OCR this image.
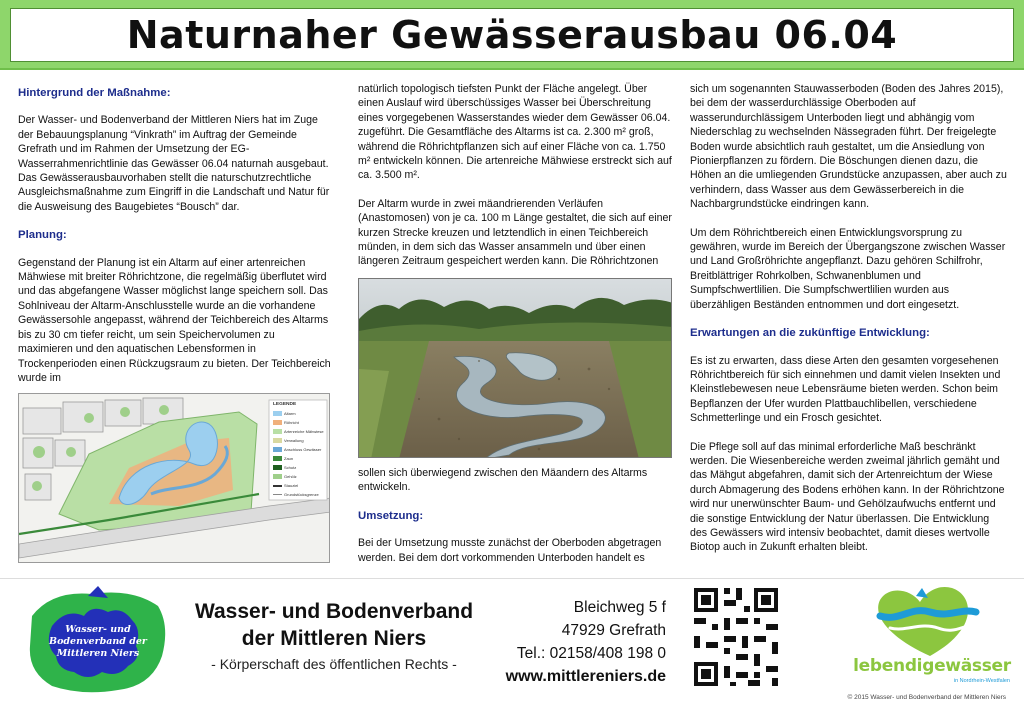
Naturnaher Gewässerausbau 06.04
Hintergrund der Maßnahme:
Der Wasser- und Bodenverband der Mittleren Niers hat im Zuge der Bebauungsplanung “Vinkrath” im Auftrag der Gemeinde Grefrath und im Rahmen der Umsetzung der EG-Wasserrahmenrichtlinie das Gewässer 06.04 naturnah ausgebaut. Das Gewässerausbauvorhaben stellt die naturschutzrechtliche Ausgleichsmaßnahme zum Eingriff in die Landschaft und Natur für die Ausweisung des Baugebietes “Bousch” dar.
Planung:
Gegenstand der Planung ist ein Altarm auf einer artenreichen Mähwiese mit breiter Röhrichtzone, die regelmäßig überflutet wird und das abgefangene Wasser möglichst lange speichern soll. Das Sohlniveau der Altarm-Anschlusstelle wurde an die vorhandene Gewässersohle angepasst, während der Teichbereich des Altarms bis zu 30 cm tiefer reicht, um sein Speichervolumen zu maximieren und den aquatischen Lebensformen in Trockenperioden einen Rückzugsraum zu bieten. Der Teichbereich wurde im
LEGENDE
Altarm
Röhricht
Artenreiche Mähwiese
Verwallung
Anschluss Gewässer
Zaun
Schutz
Gehölz
Stauziel
Grundstücksgrenze
natürlich topologisch tiefsten Punkt der Fläche angelegt. Über einen Auslauf wird überschüssiges Wasser bei Überschreitung eines vorgegebenen Wasserstandes wieder dem Gewässer 06.04. zugeführt. Die Gesamtfläche des Altarms ist ca. 2.300 m² groß, während die Röhrichtpflanzen sich auf einer Fläche von ca. 1.750 m² entwickeln können. Die artenreiche Mähwiese erstreckt sich auf ca. 3.500 m².
Der Altarm wurde in zwei mäandrierenden Verläufen (Anastomosen) von je ca. 100 m Länge gestaltet, die sich auf einer kurzen Strecke kreuzen und letztendlich in einen Teichbereich münden, in dem sich das Wasser ansammeln und über einen längeren Zeitraum gespeichert werden kann. Die Röhrichtzonen
sollen sich überwiegend zwischen den Mäandern des Altarms entwickeln.
Umsetzung:
Bei der Umsetzung musste zunächst der Oberboden abgetragen werden. Bei dem dort vorkommenden Unterboden handelt es
sich um sogenannten Stauwasserboden (Boden des Jahres 2015), bei dem der wasserdurchlässige Oberboden auf wasserundurchlässigem Unterboden liegt und abhängig vom Niederschlag zu wechselnden Nässegraden führt. Der freigelegte Boden wurde absichtlich rauh gestaltet, um die Ansiedlung von Pionierpflanzen zu fördern. Die Böschungen dienen dazu, die Höhen an die umliegenden Grundstücke anzupassen, aber auch zu verhindern, dass Wasser aus dem Gewässerbereich in die Nachbargrundstücke eindringen kann.
Um dem Röhrichtbereich einen Entwicklungsvorsprung zu gewähren, wurde im Bereich der Übergangszone zwischen Wasser und Land Großröhrichte angepflanzt. Dazu gehören Schilfrohr, Breitblättriger Rohrkolben, Schwanenblumen und Sumpfschwertlilien. Die Sumpfschwertlilien wurden aus überzähligen Beständen entnommen und dort eingesetzt.
Erwartungen an die zukünftige Entwicklung:
Es ist zu erwarten, dass diese Arten den gesamten vorgesehenen Röhrichtbereich für sich einnehmen und damit vielen Insekten und Kleinstlebewesen neue Lebensräume bieten werden. Schon beim Bepflanzen der Ufer wurden Plattbauchlibellen, verschiedene Schmetterlinge und ein Frosch gesichtet.
Die Pflege soll auf das minimal erforderliche Maß beschränkt werden. Die Wiesenbereiche werden zweimal jährlich gemäht und das Mähgut abgefahren, damit sich der Artenreichtum der Wiese durch Abmagerung des Bodens erhöhen kann. In der Röhrichtzone wird nur unerwünschter Baum- und Gehölzaufwuchs entfernt und die sonstige Entwicklung der Natur überlassen. Die Entwicklung des Gewässers wird intensiv beobachtet, damit dieses wertvolle Biotop auch in Zukunft erhalten bleibt.
Wasser- und Bodenverband der Mittleren Niers
Wasser- und Bodenverband
der Mittleren Niers
- Körperschaft des öffentlichen Rechts -
Bleichweg 5 f
47929 Grefrath
Tel.: 02158/408 198 0
www.mittlereniers.de
lebendigewässer
in Nordrhein-Westfalen
© 2015 Wasser- und Bodenverband der Mittleren Niers
